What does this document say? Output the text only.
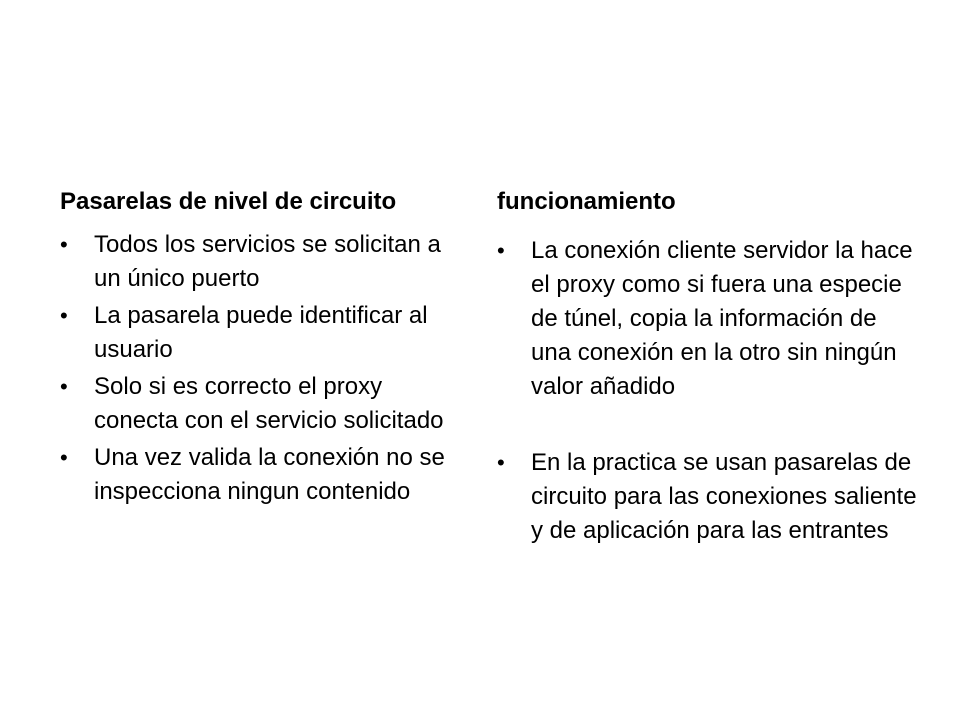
Pasarelas de nivel de circuito

• Todos los servicios se solicitan a un único puerto
• La pasarela puede identificar al usuario
• Solo si es correcto el proxy conecta con el servicio solicitado
• Una vez valida la conexión no se inspecciona ningun contenido

funcionamiento

• La conexión cliente servidor la hace el proxy como si fuera una especie de túnel, copia la información de una conexión en la otro sin ningún valor añadido
• En la practica se usan pasarelas de circuito para las conexiones saliente y de aplicación para las entrantes
